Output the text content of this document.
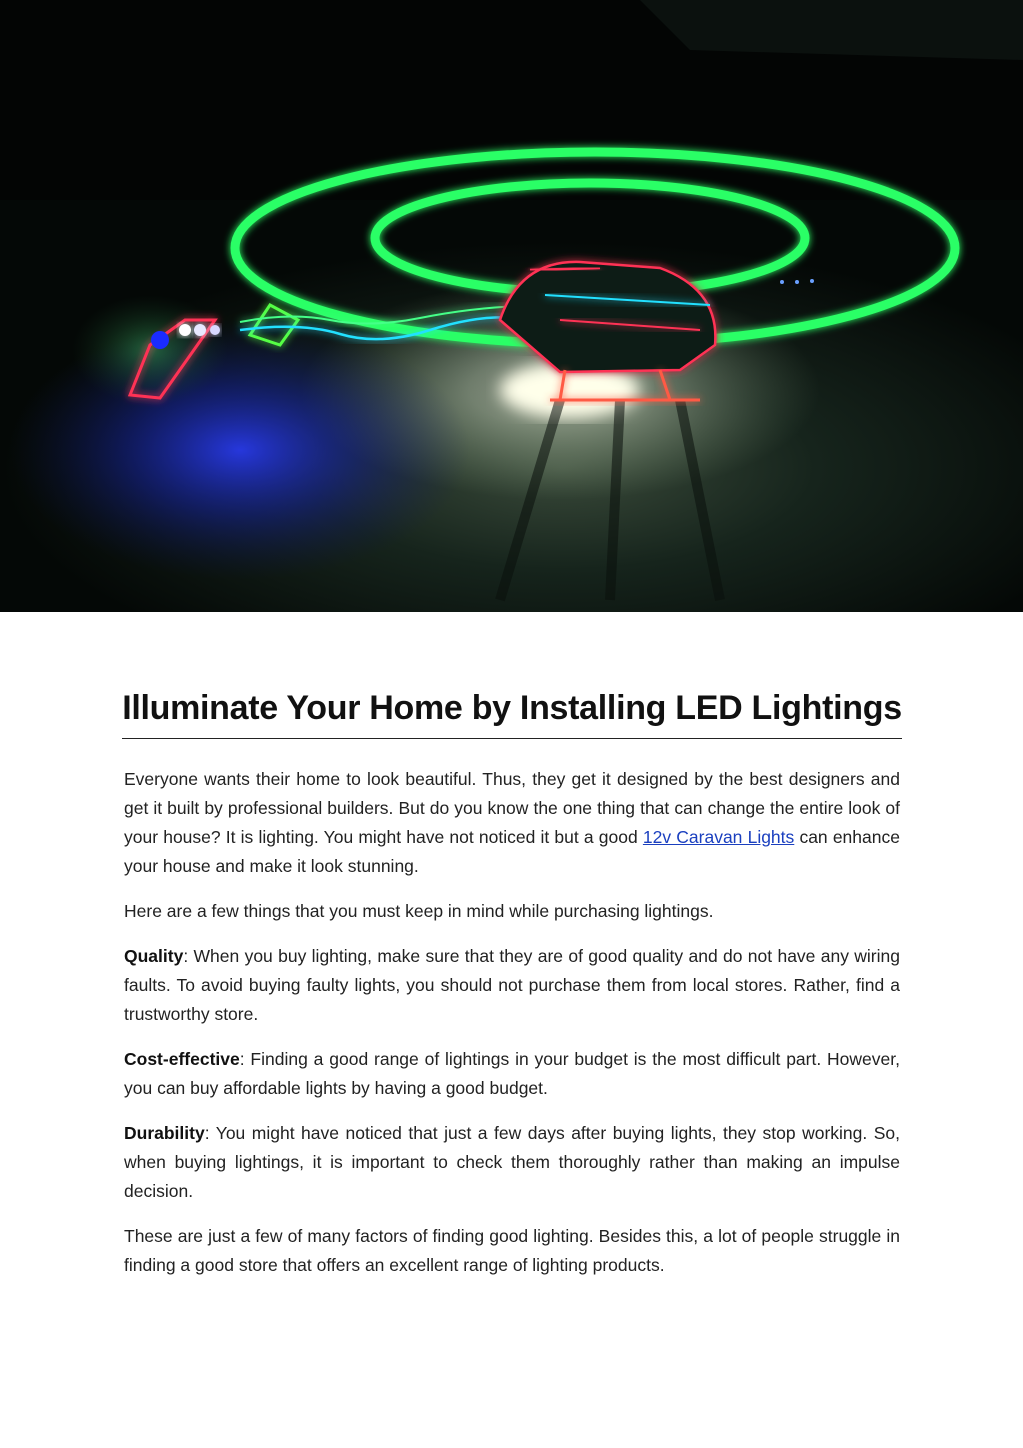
Illuminate Your Home by Installing LED Lightings

Everyone wants their home to look beautiful. Thus, they get it designed by the best designers and get it built by professional builders. But do you know the one thing that can change the entire look of your house? It is lighting. You might have not noticed it but a good 12v Caravan Lights can enhance your house and make it look stunning.

Here are a few things that you must keep in mind while purchasing lightings.

Quality: When you buy lighting, make sure that they are of good quality and do not have any wiring faults. To avoid buying faulty lights, you should not purchase them from local stores. Rather, find a trustworthy store.

Cost-effective: Finding a good range of lightings in your budget is the most difficult part. However, you can buy affordable lights by having a good budget.

Durability: You might have noticed that just a few days after buying lights, they stop working. So, when buying lightings, it is important to check them thoroughly rather than making an impulse decision.

These are just a few of many factors of finding good lighting. Besides this, a lot of people struggle in finding a good store that offers an excellent range of lighting products.
